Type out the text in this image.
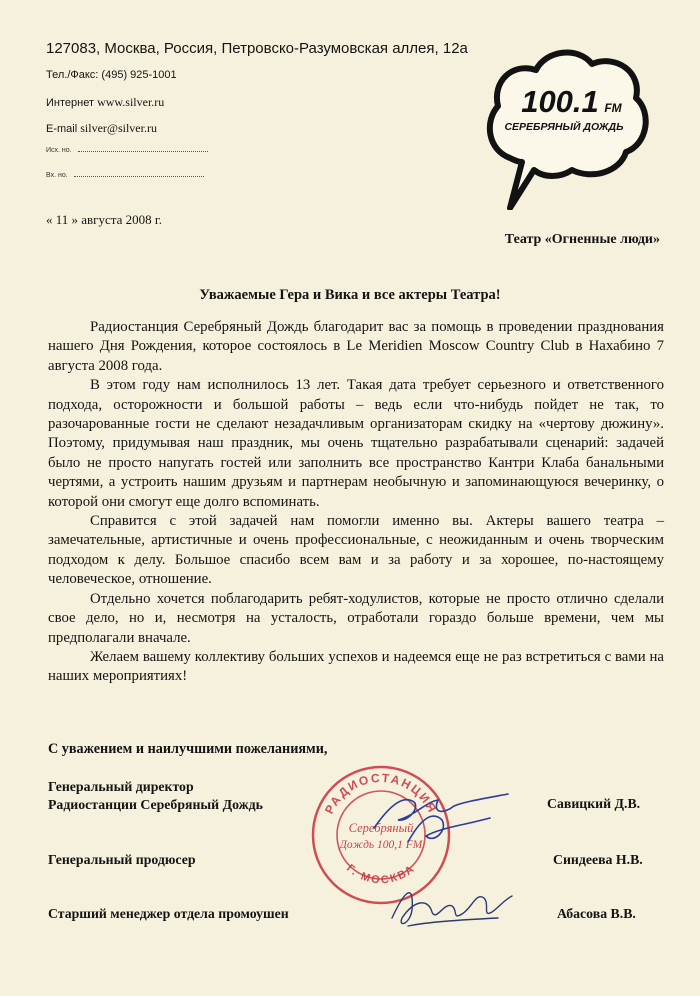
127083, Москва, Россия, Петровско-Разумовская аллея, 12а
Тел./Факс: (495) 925-1001
Интернет www.silver.ru
E-mail silver@silver.ru
Исх. но.
Вх. но.
100.1 FM
СЕРЕБРЯНЫЙ ДОЖДЬ
« 11 » августа 2008 г.
Театр «Огненные люди»
Уважаемые Гера и Вика и все актеры Театра!

Радиостанция Серебряный Дождь благодарит вас за помощь в проведении празднования нашего Дня Рождения, которое состоялось в Le Meridien Moscow Country Club в Нахабино 7 августа 2008 года.

В этом году нам исполнилось 13 лет. Такая дата требует серьезного и ответственного подхода, осторожности и большой работы – ведь если что-нибудь пойдет не так, то разочарованные гости не сделают незадачливым организаторам скидку на «чертову дюжину». Поэтому, придумывая наш праздник, мы очень тщательно разрабатывали сценарий: задачей было не просто напугать гостей или заполнить все пространство Кантри Клаба банальными чертями, а устроить нашим друзьям и партнерам необычную и запоминающуюся вечеринку, о которой они смогут еще долго вспоминать.

Справится с этой задачей нам помогли именно вы. Актеры вашего театра – замечательные, артистичные и очень профессиональные, с неожиданным и очень творческим подходом к делу. Большое спасибо всем вам и за работу и за хорошее, по-настоящему человеческое, отношение.

Отдельно хочется поблагодарить ребят-ходулистов, которые не просто отлично сделали свое дело, но и, несмотря на усталость, отработали гораздо больше времени, чем мы предполагали вначале.

Желаем вашему коллективу больших успехов и надеемся еще не раз встретиться с вами на наших мероприятиях!

С уважением и наилучшими пожеланиями,
РАДИОСТАНЦИЯ
Г. МОСКВА
Серебряный
Дождь 100,1 FM
Генеральный директор
Радиостанции Серебряный Дождь	Савицкий Д.В.
Генеральный продюсер	Синдеева Н.В.
Старший менеджер отдела промоушен	Абасова В.В.
